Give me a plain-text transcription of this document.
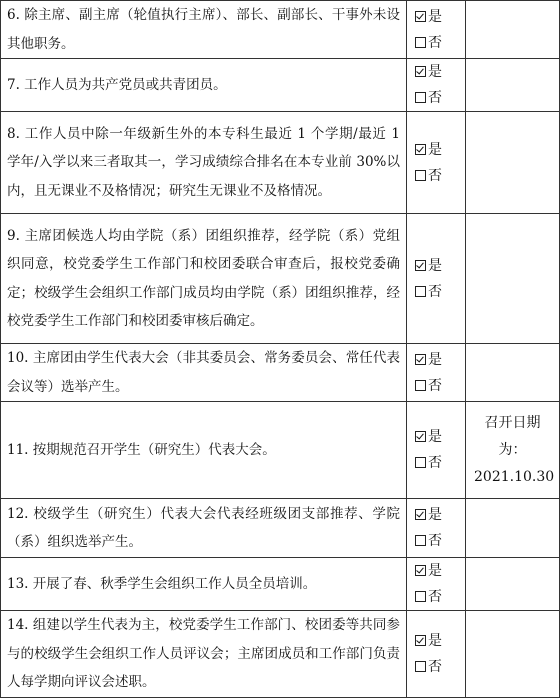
6. 除主席、副主席（轮值执行主席）、部长、副部长、干事外未设其他职务。	是
否	

7. 工作人员为共产党员或共青团员。	是
否	

8. 工作人员中除一年级新生外的本专科生最近 1 个学期/最近 1 学年/入学以来三者取其一，学习成绩综合排名在本专业前 30%以内，且无课业不及格情况；研究生无课业不及格情况。	是
否	

9. 主席团候选人均由学院（系）团组织推荐，经学院（系）党组织同意，校党委学生工作部门和校团委联合审查后，报校党委确定；校级学生会组织工作部门成员均由学院（系）团组织推荐，经校党委学生工作部门和校团委审核后确定。	是
否	

10. 主席团由学生代表大会（非其委员会、常务委员会、常任代表会议等）选举产生。	是
否	

11. 按期规范召开学生（研究生）代表大会。	是
否	召开日期为：2021.10.30
12. 校级学生（研究生）代表大会代表经班级团支部推荐、学院（系）组织选举产生。	是
否	

13. 开展了春、秋季学生会组织工作人员全员培训。	是
否	

14. 组建以学生代表为主，校党委学生工作部门、校团委等共同参与的校级学生会组织工作人员评议会；主席团成员和工作部门负责人每学期向评议会述职。	是
否	
